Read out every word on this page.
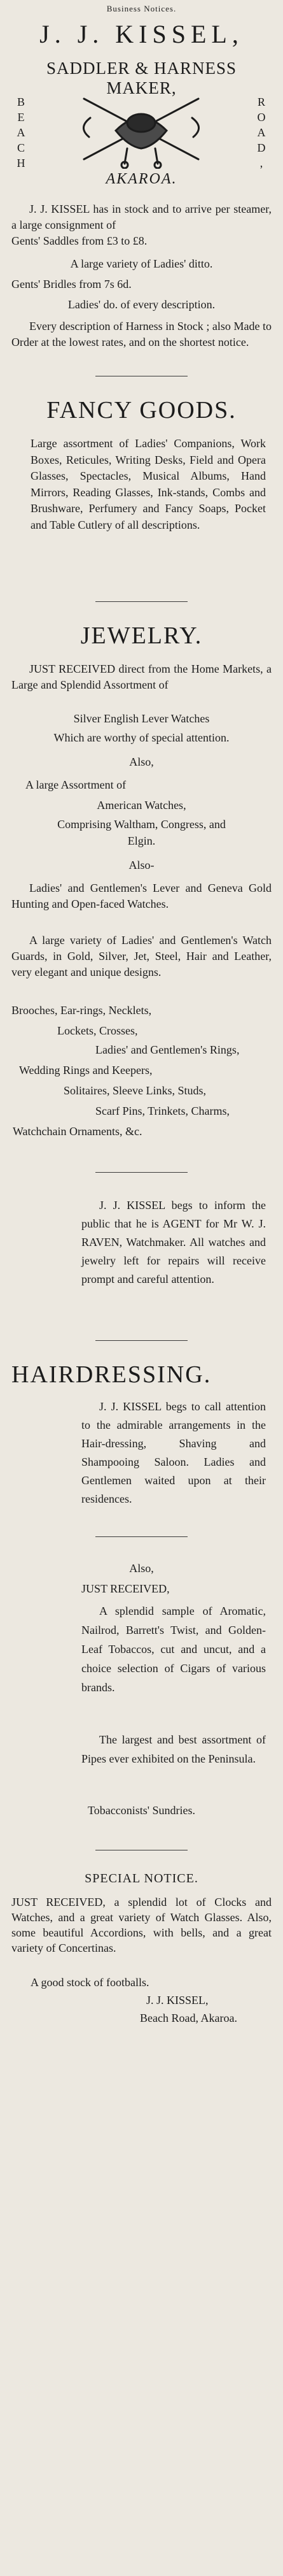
Business Notices.

J. J. KISSEL,

SADDLER & HARNESS MAKER,

BEACH	ROAD,

AKAROA.

J. J. KISSEL has in stock and to arrive per steamer, a large consignment of

Gents' Saddles from £3 to £8.

A large variety of Ladies' ditto.

Gents' Bridles from 7s 6d.

Ladies' do. of every description.

Every description of Harness in Stock ; also Made to Order at the lowest rates, and on the shortest notice.

FANCY GOODS.

Large assortment of Ladies' Companions, Work Boxes, Reticules, Writing Desks, Field and Opera Glasses, Spectacles, Musical Albums, Hand Mirrors, Reading Glasses, Ink-stands, Combs and Brushware, Perfumery and Fancy Soaps, Pocket and Table Cutlery of all descriptions.

JEWELRY.

JUST RECEIVED direct from the Home Markets, a Large and Splendid Assortment of

Silver English Lever Watches

Which are worthy of special attention.

Also,

A large Assortment of

American Watches,

Comprising Waltham, Congress, and

Elgin.

Also-

Ladies' and Gentlemen's Lever and Geneva Gold Hunting and Open-faced Watches.

A large variety of Ladies' and Gentlemen's Watch Guards, in Gold, Silver, Jet, Steel, Hair and Leather, very elegant and unique designs.

Brooches, Ear-rings, Necklets,

Lockets, Crosses,

Ladies' and Gentlemen's Rings,

Wedding Rings and Keepers,

Solitaires, Sleeve Links, Studs,

Scarf Pins, Trinkets, Charms,

Watchchain Ornaments, &c.

J. J. KISSEL begs to inform the public that he is AGENT for Mr W. J. RAVEN, Watchmaker. All watches and jewelry left for repairs will receive prompt and careful attention.

HAIRDRESSING.

J. J. KISSEL begs to call attention to the admirable arrangements in the Hair-dressing, Shaving and Shampooing Saloon. Ladies and Gentlemen waited upon at their residences.

Also,

JUST RECEIVED,

A splendid sample of Aromatic, Nailrod, Barrett's Twist, and Golden-Leaf Tobaccos, cut and uncut, and a choice selection of Cigars of various brands.

The largest and best assortment of Pipes ever exhibited on the Peninsula.

Tobacconists' Sundries.

SPECIAL NOTICE.

JUST RECEIVED, a splendid lot of Clocks and Watches, and a great variety of Watch Glasses. Also, some beautiful Accordions, with bells, and a great variety of Concertinas.

A good stock of footballs.

J. J. KISSEL,

Beach Road, Akaroa.
